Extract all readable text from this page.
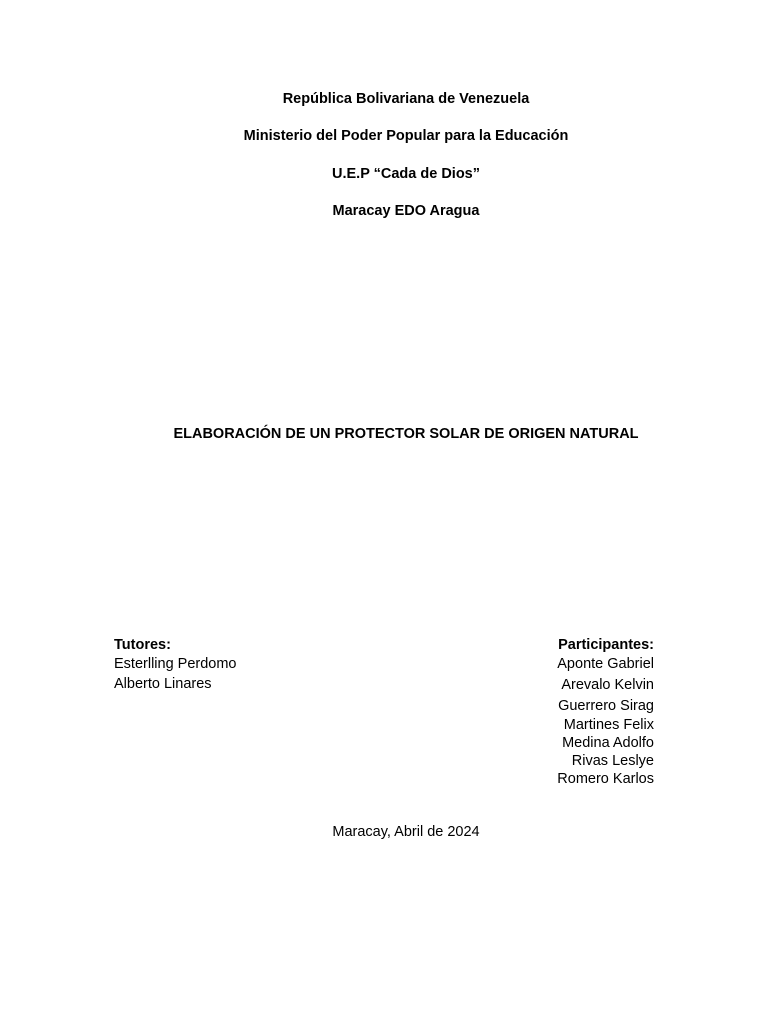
República Bolivariana de Venezuela
Ministerio del Poder Popular para la Educación
U.E.P “Cada de Dios”
Maracay EDO Aragua
ELABORACIÓN DE UN PROTECTOR SOLAR DE ORIGEN NATURAL
Tutores:
Esterlling Perdomo
Alberto Linares
Participantes:
Aponte Gabriel
Arevalo Kelvin
Guerrero Sirag
Martines Felix
Medina Adolfo
Rivas Leslye
Romero Karlos
Maracay, Abril de 2024
